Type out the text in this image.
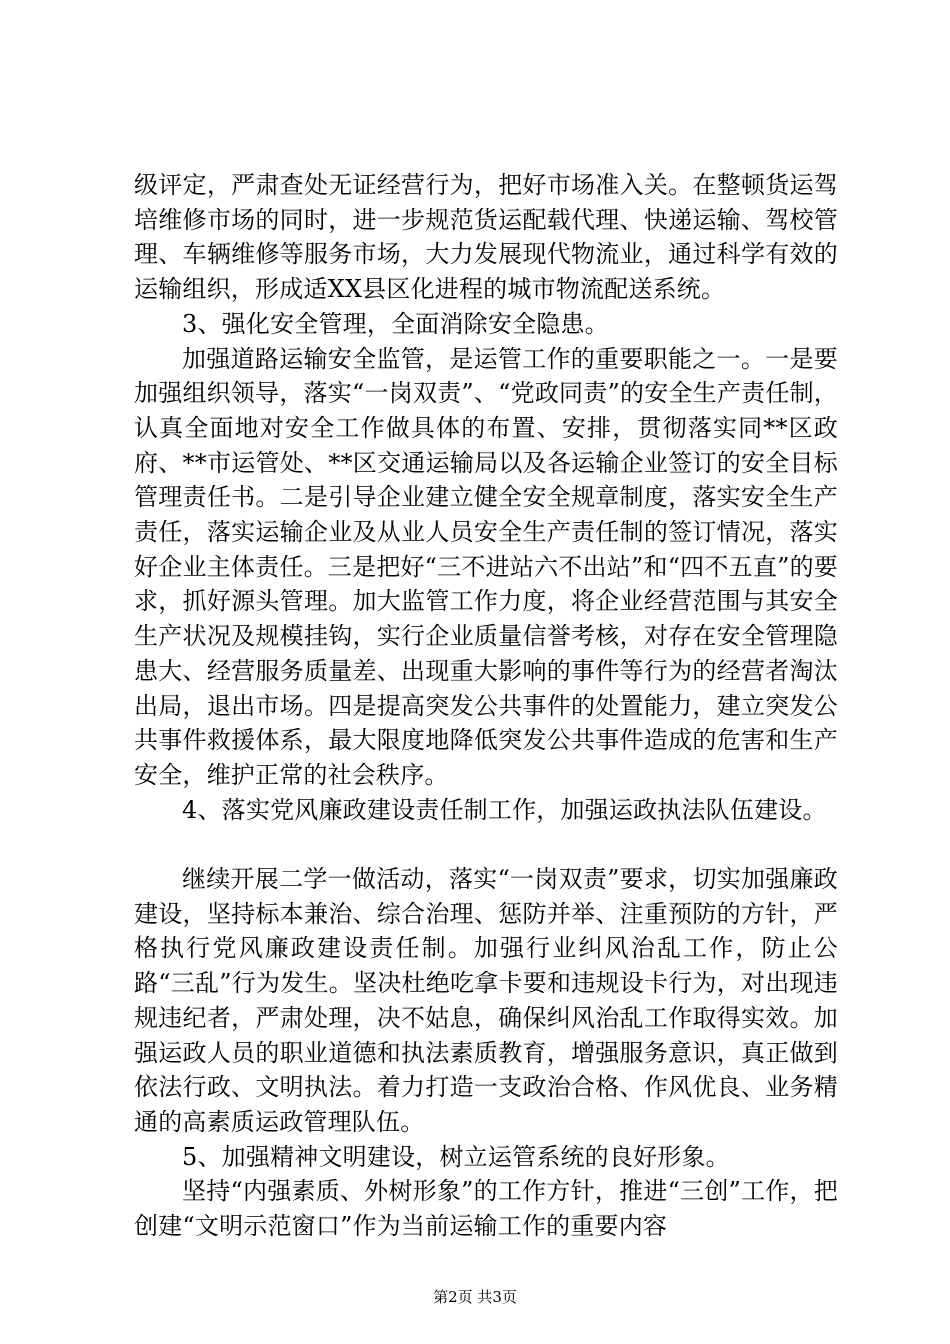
级评定，严肃查处无证经营行为，把好市场准入关。在整顿货运驾培维修市场的同时，进一步规范货运配载代理、快递运输、驾校管理、车辆维修等服务市场，大力发展现代物流业，通过科学有效的运输组织，形成适XX县区化进程的城市物流配送系统。

3、强化安全管理，全面消除安全隐患。

加强道路运输安全监管，是运管工作的重要职能之一。一是要加强组织领导，落实“一岗双责”、“党政同责”的安全生产责任制，认真全面地对安全工作做具体的布置、安排，贯彻落实同**区政府、**市运管处、**区交通运输局以及各运输企业签订的安全目标管理责任书。二是引导企业建立健全安全规章制度，落实安全生产责任，落实运输企业及从业人员安全生产责任制的签订情况，落实好企业主体责任。三是把好“三不进站六不出站”和“四不五直”的要求，抓好源头管理。加大监管工作力度，将企业经营范围与其安全生产状况及规模挂钩，实行企业质量信誉考核，对存在安全管理隐患大、经营服务质量差、出现重大影响的事件等行为的经营者淘汰出局，退出市场。四是提高突发公共事件的处置能力，建立突发公共事件救援体系，最大限度地降低突发公共事件造成的危害和生产安全，维护正常的社会秩序。

4、落实党风廉政建设责任制工作，加强运政执法队伍建设。

继续开展二学一做活动，落实“一岗双责”要求，切实加强廉政建设，坚持标本兼治、综合治理、惩防并举、注重预防的方针，严格执行党风廉政建设责任制。加强行业纠风治乱工作，防止公路“三乱”行为发生。坚决杜绝吃拿卡要和违规设卡行为，对出现违规违纪者，严肃处理，决不姑息，确保纠风治乱工作取得实效。加强运政人员的职业道德和执法素质教育，增强服务意识，真正做到依法行政、文明执法。着力打造一支政治合格、作风优良、业务精通的高素质运政管理队伍。

5、加强精神文明建设，树立运管系统的良好形象。

坚持“内强素质、外树形象”的工作方针，推进“三创”工作，把创建“文明示范窗口”作为当前运输工作的重要内容

第2页 共3页
